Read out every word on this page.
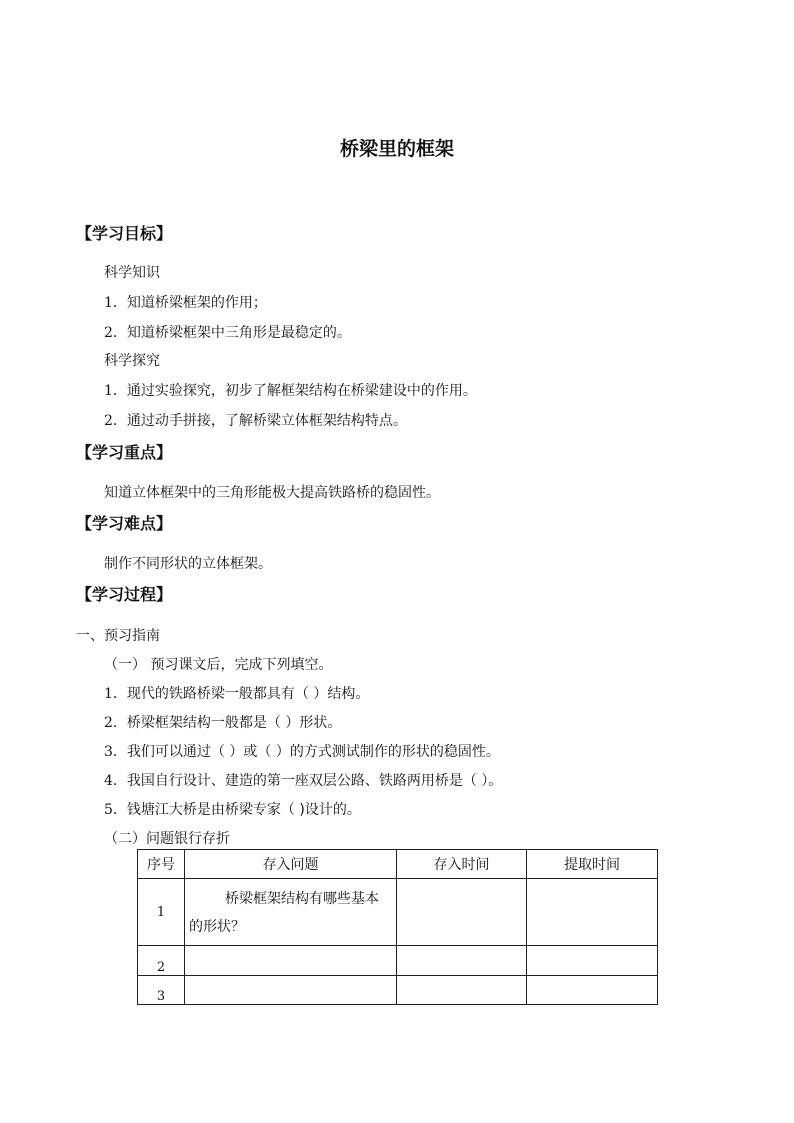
桥梁里的框架
【学习目标】
科学知识
1．知道桥梁框架的作用；
2．知道桥梁框架中三角形是最稳定的。
科学探究
1．通过实验探究，初步了解框架结构在桥梁建设中的作用。
2．通过动手拼接，了解桥梁立体框架结构特点。
【学习重点】
知道立体框架中的三角形能极大提高铁路桥的稳固性。
【学习难点】
制作不同形状的立体框架。
【学习过程】
一、预习指南
（一） 预习课文后，完成下列填空。
1．现代的铁路桥梁一般都具有（ ）结构。
2．桥梁框架结构一般都是（ ）形状。
3．我们可以通过（ ）或（ ）的方式测试制作的形状的稳固性。
4．我国自行设计、建造的第一座双层公路、铁路两用桥是（ ）。
5．钱塘江大桥是由桥梁专家（ )设计的。
（二）问题银行存折
序号	存入问题	存入时间	提取时间
1	桥梁框架结构有哪些基本的形状？		
2			
3			
